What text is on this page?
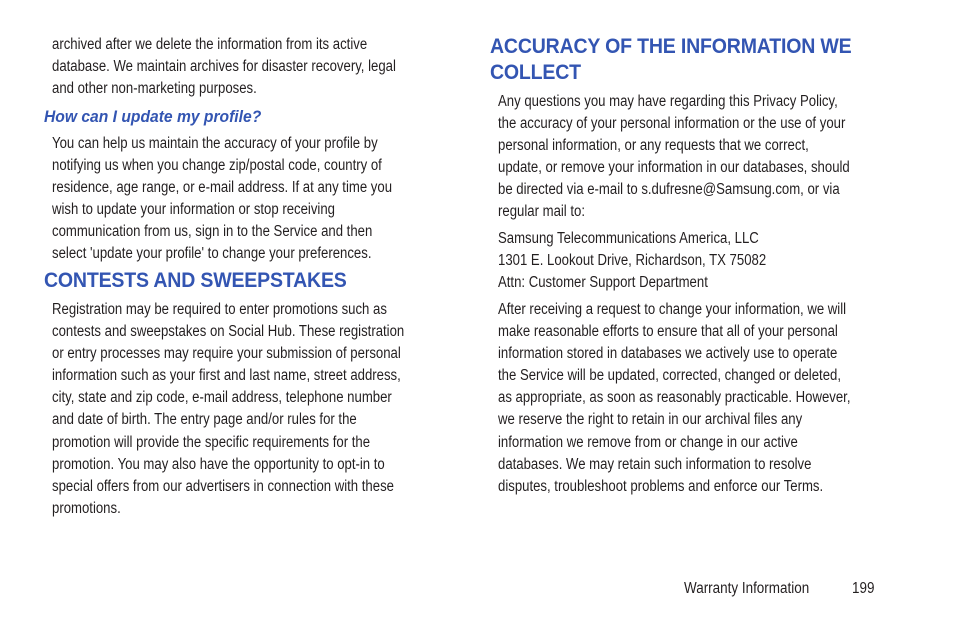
archived after we delete the information from its active
database. We maintain archives for disaster recovery, legal
and other non-marketing purposes.

How can I update my profile?

You can help us maintain the accuracy of your profile by
notifying us when you change zip/postal code, country of
residence, age range, or e-mail address. If at any time you
wish to update your information or stop receiving
communication from us, sign in to the Service and then
select 'update your profile' to change your preferences.

CONTESTS AND SWEEPSTAKES

Registration may be required to enter promotions such as
contests and sweepstakes on Social Hub. These registration
or entry processes may require your submission of personal
information such as your first and last name, street address,
city, state and zip code, e-mail address, telephone number
and date of birth. The entry page and/or rules for the
promotion will provide the specific requirements for the
promotion. You may also have the opportunity to opt-in to
special offers from our advertisers in connection with these
promotions.

ACCURACY OF THE INFORMATION WE
COLLECT

Any questions you may have regarding this Privacy Policy,
the accuracy of your personal information or the use of your
personal information, or any requests that we correct,
update, or remove your information in our databases, should
be directed via e-mail to s.dufresne@Samsung.com, or via
regular mail to:

Samsung Telecommunications America, LLC
1301 E. Lookout Drive, Richardson, TX 75082
Attn: Customer Support Department

After receiving a request to change your information, we will
make reasonable efforts to ensure that all of your personal
information stored in databases we actively use to operate
the Service will be updated, corrected, changed or deleted,
as appropriate, as soon as reasonably practicable. However,
we reserve the right to retain in our archival files any
information we remove from or change in our active
databases. We may retain such information to resolve
disputes, troubleshoot problems and enforce our Terms.

Warranty Information	199
